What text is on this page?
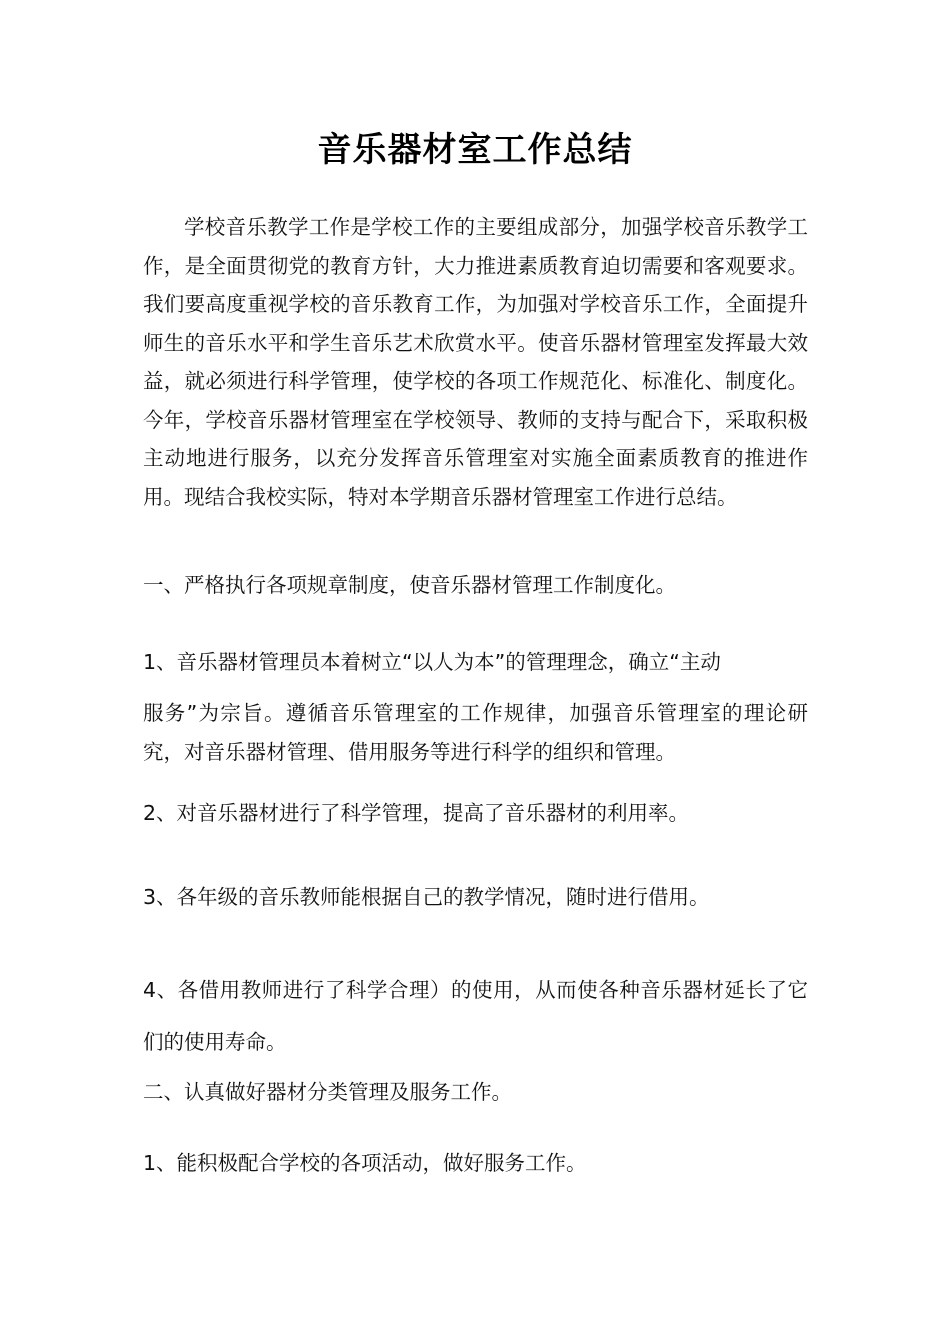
音乐器材室工作总结

学校音乐教学工作是学校工作的主要组成部分，加强学校音乐教学工作，是全面贯彻党的教育方针，大力推进素质教育迫切需要和客观要求。我们要高度重视学校的音乐教育工作，为加强对学校音乐工作，全面提升师生的音乐水平和学生音乐艺术欣赏水平。使音乐器材管理室发挥最大效益，就必须进行科学管理，使学校的各项工作规范化、标准化、制度化。今年，学校音乐器材管理室在学校领导、教师的支持与配合下，采取积极主动地进行服务，以充分发挥音乐管理室对实施全面素质教育的推进作用。现结合我校实际，特对本学期音乐器材管理室工作进行总结。

一、严格执行各项规章制度，使音乐器材管理工作制度化。

1、音乐器材管理员本着树立“以人为本”的管理理念，确立“主动
服务”为宗旨。遵循音乐管理室的工作规律，加强音乐管理室的理论研究，对音乐器材管理、借用服务等进行科学的组织和管理。

2、对音乐器材进行了科学管理，提高了音乐器材的利用率。

3、各年级的音乐教师能根据自己的教学情况，随时进行借用。

4、各借用教师进行了科学合理）的使用，从而使各种音乐器材延长了它们的使用寿命。

二、认真做好器材分类管理及服务工作。

1、能积极配合学校的各项活动，做好服务工作。
